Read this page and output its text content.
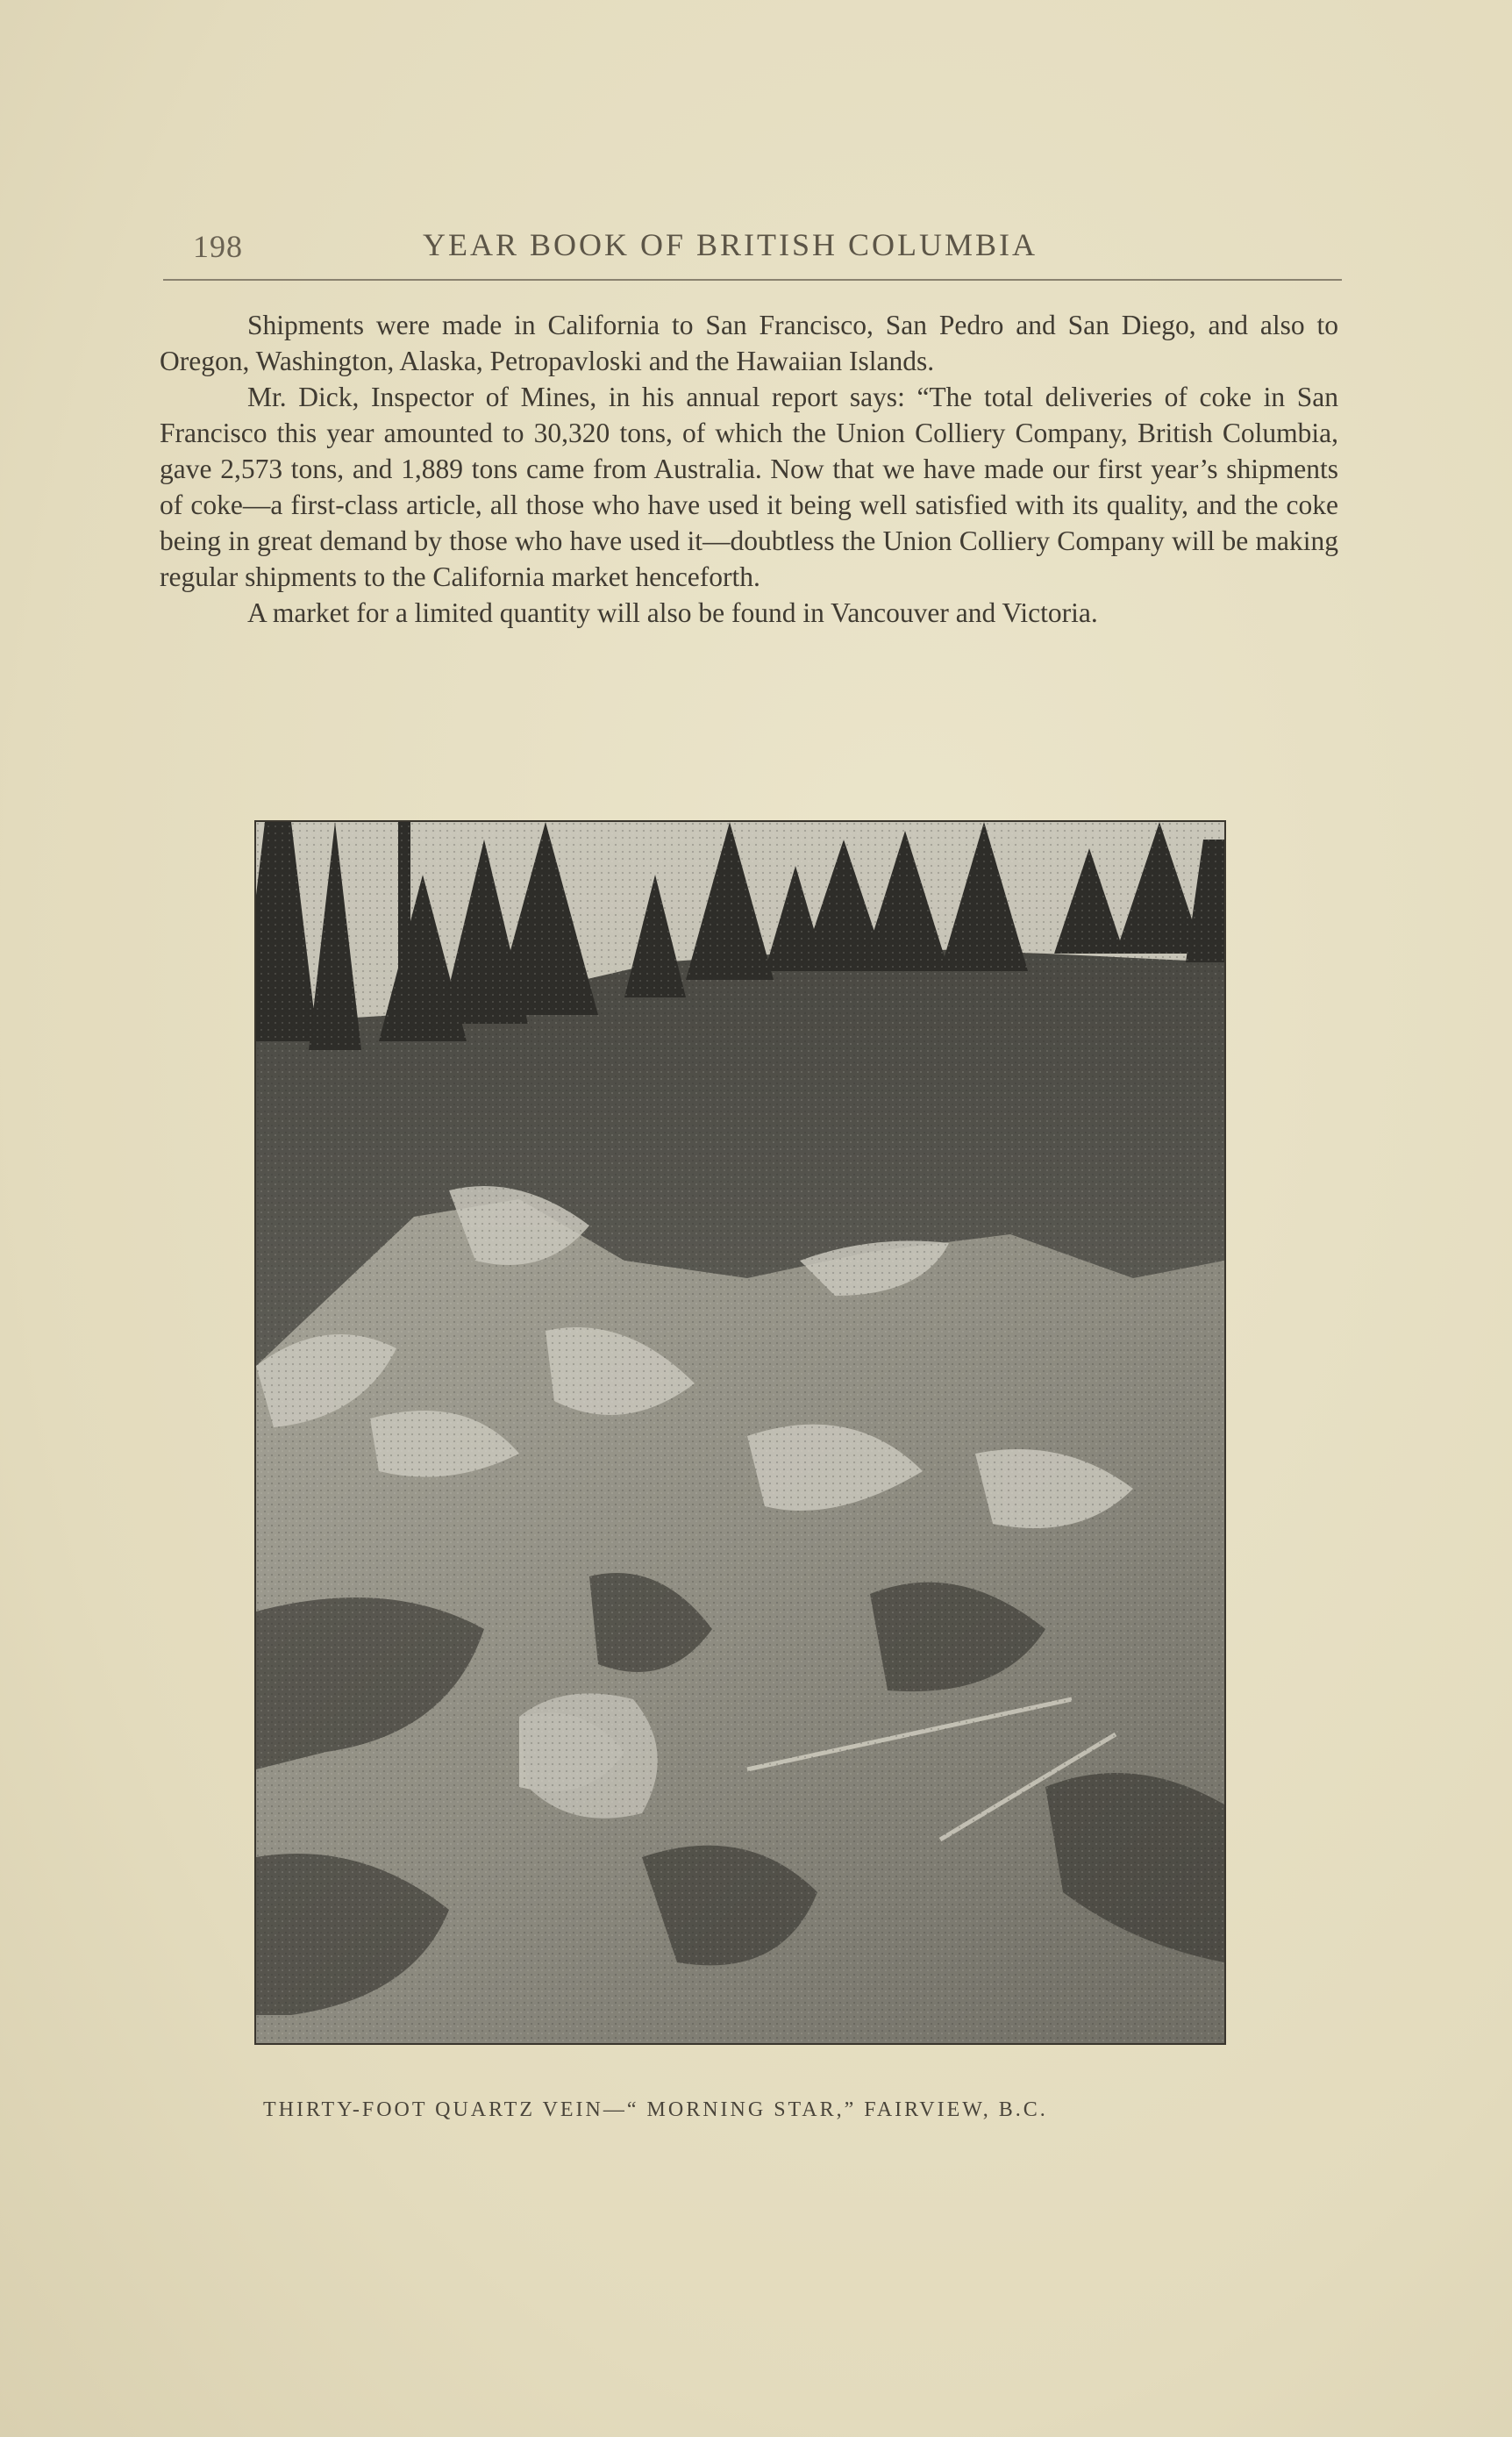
198	YEAR BOOK OF BRITISH COLUMBIA

Shipments were made in California to San Francisco, San Pedro and San Diego, and also to Oregon, Washington, Alaska, Petropavloski and the Hawaiian Islands.

Mr. Dick, Inspector of Mines, in his annual report says: “The total deliveries of coke in San Francisco this year amounted to 30,320 tons, of which the Union Colliery Company, British Columbia, gave 2,573 tons, and 1,889 tons came from Australia. Now that we have made our first year’s shipments of coke—a first-class article, all those who have used it being well satisfied with its quality, and the coke being in great demand by those who have used it—doubtless the Union Colliery Company will be making regular shipments to the California market henceforth.

A market for a limited quantity will also be found in Vancouver and Victoria.

THIRTY-FOOT QUARTZ VEIN—“ MORNING STAR,” FAIRVIEW, B.C.
